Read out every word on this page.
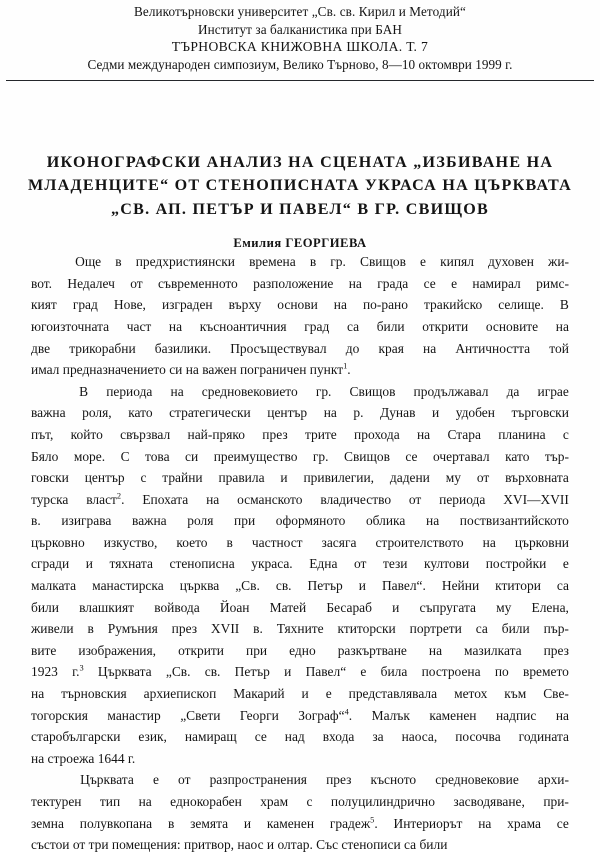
Великотърновски университет „Св. св. Кирил и Методий“
Институт за балканистика при БАН
ТЪРНОВСКА КНИЖОВНА ШКОЛА. Т. 7
Седми международен симпозиум, Велико Търново, 8—10 октомври 1999 г.
ИКОНОГРАФСКИ АНАЛИЗ НА СЦЕНАТА „ИЗБИВАНЕ НА
МЛАДЕНЦИТЕ“ ОТ СТЕНОПИСНАТА УКРАСА НА ЦЪРКВАТА
„СВ. АП. ПЕТЪР И ПАВЕЛ“ В ГР. СВИЩОВ
Емилия ГЕОРГИЕВА
Още в предхристиянски времена в гр. Свищов е кипял духовен жи-
вот. Недалеч от съвременното разположение на града се е намирал римс-
кият град Нове, изграден върху основи на по-рано тракийско селище. В
югоизточната част на късноантичния град са били открити основите на
две трикорабни базилики. Просъществувал до края на Античността той
имал предназначението си на важен пограничен пункт$^1$.
В периода на средновековието гр. Свищов продължавал да играе
важна роля, като стратегически център на р. Дунав и удобен търговски
път, който свързвал най-пряко през трите прохода на Стара планина с
Бяло море. С това си преимущество гр. Свищов се очертавал като тър-
говски център с трайни правила и привилегии, дадени му от върховната
турска власт$^2$. Епохата на османското владичество от периода XVI—XVII
в. изиграва важна роля при оформяното облика на поствизантийското
църковно изкуство, което в частност засяга строителството на църковни
сгради и тяхната стенописна украса. Една от тези култови постройки е
малката манастирска църква „Св. св. Петър и Павел“. Нейни ктитори са
били влашкият войвода Йоан Матей Бесараб и съпругата му Елена,
живели в Румъния през XVII в. Тяхните ктиторски портрети са били пър-
вите изображения, открити при едно разкъртване на мазилката през
1923 г.$^3$ Църквата „Св. св. Петър и Павел“ е била построена по времето
на търновския архиепископ Макарий и е представлявала метох към Све-
тогорския манастир „Свети Георги Зограф“$^4$. Малък каменен надпис на
старобългарски език, намиращ се над входа за наоса, посочва годината
на строежа 1644 г.
Църквата е от разпространения през късното средновековие архи-
тектурен тип на еднокорабен храм с полуцилиндрично засводяване, при-
земна полувкопана в земята и каменен градеж$^5$. Интериорът на храма се
състои от три помещения: притвор, наос и олтар. Със стенописи са били
